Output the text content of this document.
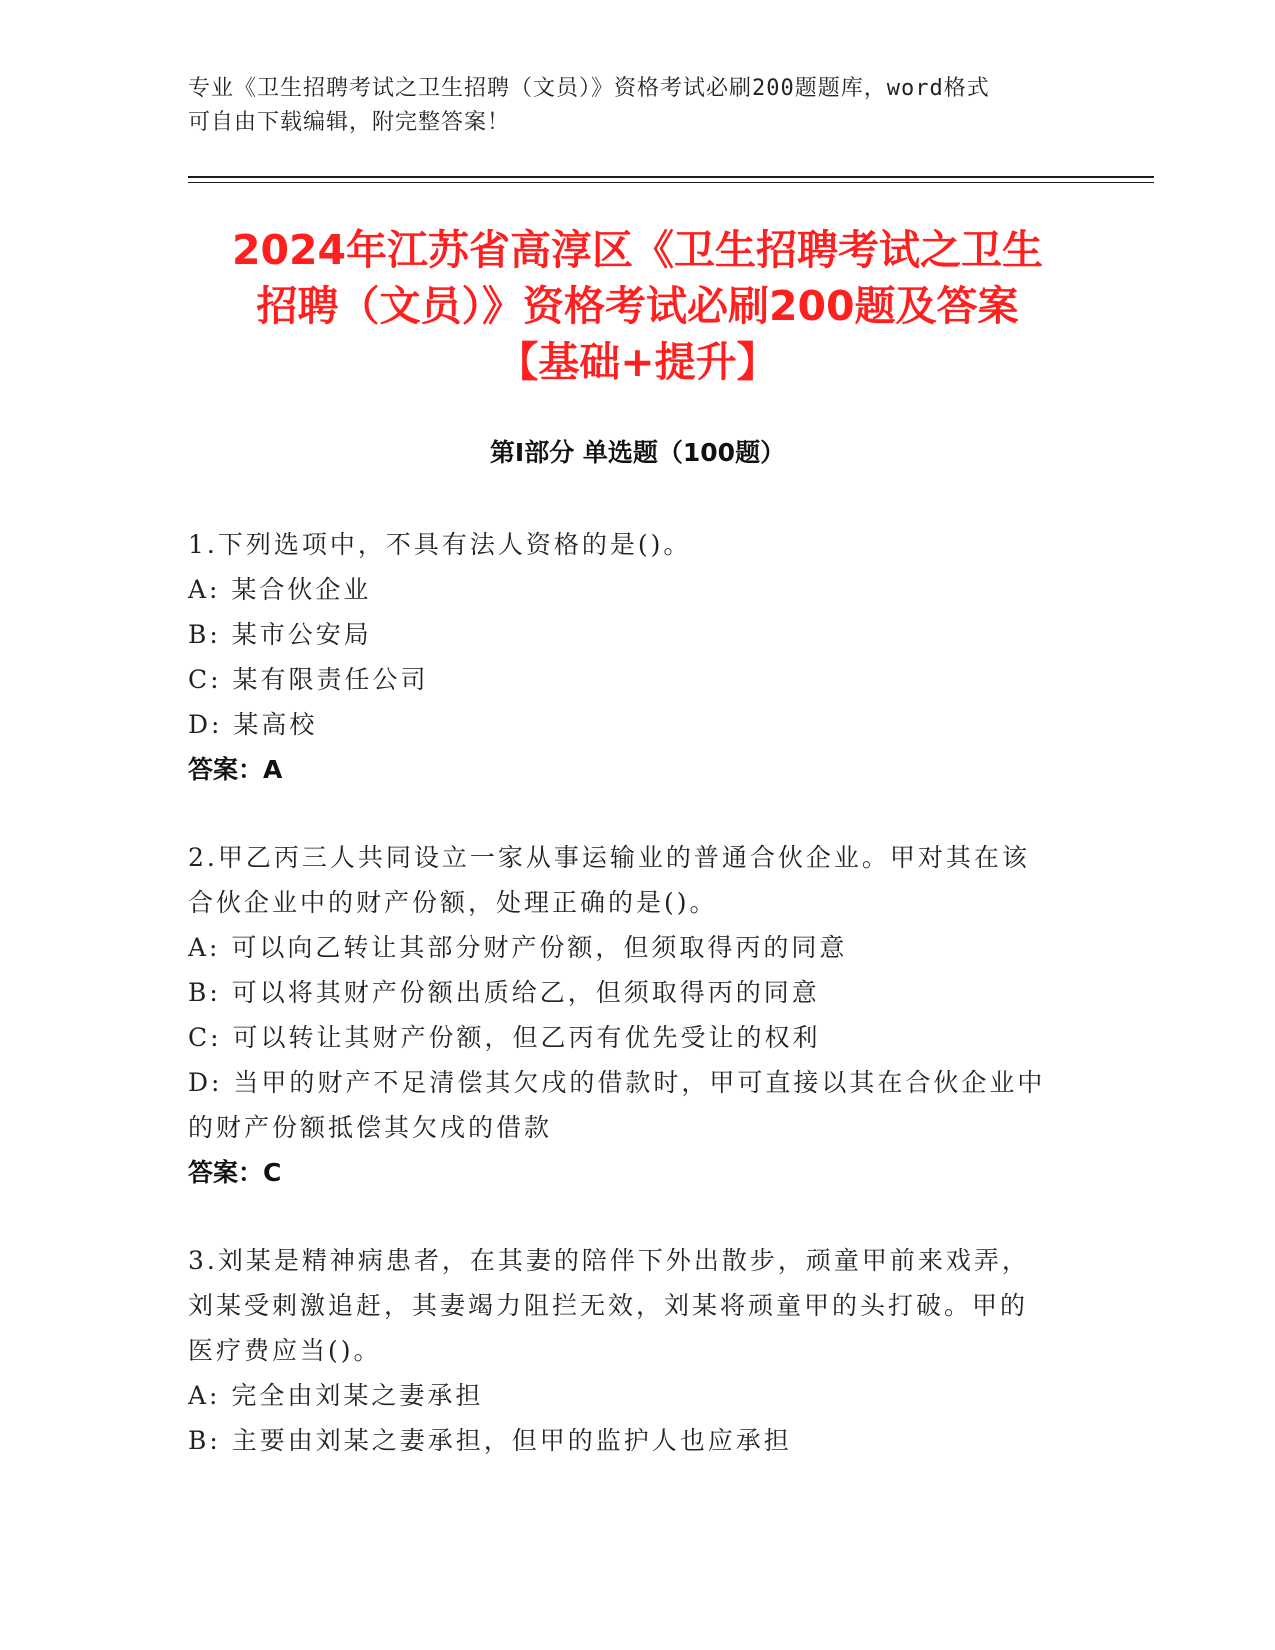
专业《卫生招聘考试之卫生招聘（文员）》资格考试必刷200题题库，word格式
可自由下载编辑，附完整答案！
2024年江苏省高淳区《卫生招聘考试之卫生
招聘（文员）》资格考试必刷200题及答案
【基础+提升】
第Ⅰ部分 单选题（100题）
1.下列选项中，不具有法人资格的是()。
A: 某合伙企业
B: 某市公安局
C: 某有限责任公司
D: 某高校
答案：A
2.甲乙丙三人共同设立一家从事运输业的普通合伙企业。甲对其在该
合伙企业中的财产份额，处理正确的是()。
A: 可以向乙转让其部分财产份额，但须取得丙的同意
B: 可以将其财产份额出质给乙，但须取得丙的同意
C: 可以转让其财产份额，但乙丙有优先受让的权利
D: 当甲的财产不足清偿其欠戌的借款时，甲可直接以其在合伙企业中
的财产份额抵偿其欠戌的借款
答案：C
3.刘某是精神病患者，在其妻的陪伴下外出散步，顽童甲前来戏弄，
刘某受刺激追赶，其妻竭力阻拦无效，刘某将顽童甲的头打破。甲的
医疗费应当()。
A: 完全由刘某之妻承担
B: 主要由刘某之妻承担，但甲的监护人也应承担
